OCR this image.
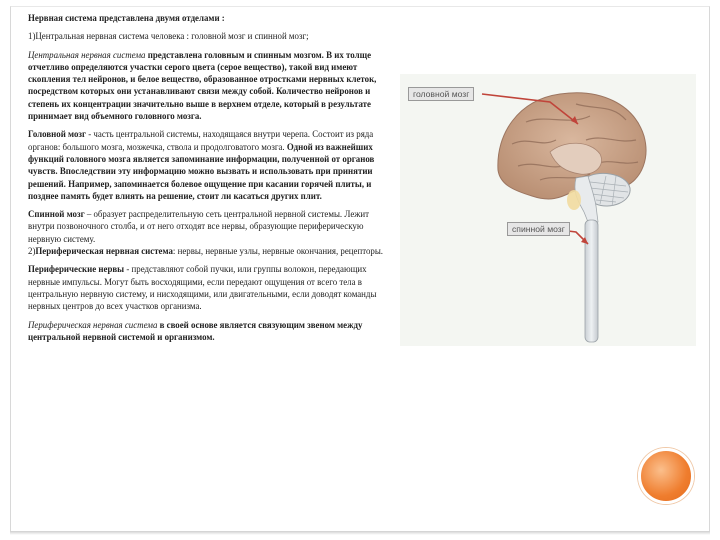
Нервная система представлена двумя отделами :

1)Центральная нервная система человека : головной мозг и спинной мозг;

Центральная нервная система представлена головным и спинным мозгом. В их толще отчетливо определяются участки серого цвета (серое вещество), такой вид имеют скопления тел нейронов, и белое вещество, образованное отростками нервных клеток, посредством которых они устанавливают связи между собой. Количество нейронов и степень их концентрации значительно выше в верхнем отделе, который в результате принимает вид объемного головного мозга.

Головной мозг - часть центральной системы, находящаяся внутри черепа. Состоит из ряда органов: большого мозга, мозжечка, ствола и продолговатого мозга. Одной из важнейших функций головного мозга является запоминание информации, полученной от органов чувств. Впоследствии эту информацию можно вызвать и использовать при принятии решений. Например, запоминается болевое ощущение при касании горячей плиты, и позднее память будет влиять на решение, стоит ли касаться других плит.

Спинной мозг – образует распределительную сеть центральной нервной системы. Лежит внутри позвоночного столба, и от него отходят все нервы, образующие периферическую нервную систему.
2)Периферическая нервная система: нервы, нервные узлы, нервные окончания, рецепторы.

Периферические нервы - представляют собой пучки, или группы волокон, передающих нервные импульсы. Могут быть восходящими, если передают ощущения от всего тела в центральную нервную систему, и нисходящими, или двигательными, если доводят команды нервных центров до всех участков организма.

Периферическая нервная система в своей основе является связующим звеном между центральной нервной системой и организмом.

головной мозг
спинной мозг
